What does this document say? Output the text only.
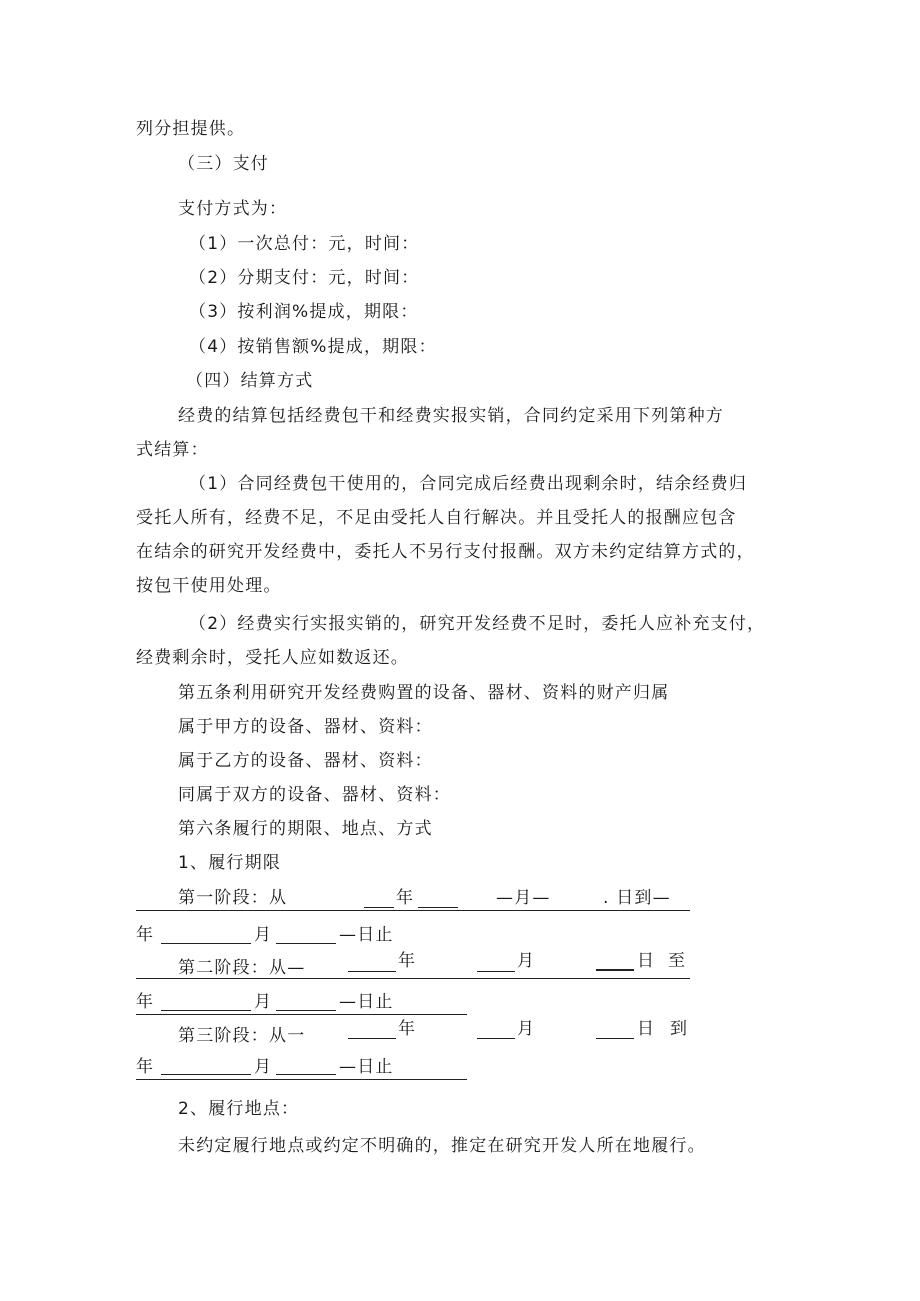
列分担提供。
（三）支付
支付方式为：
（1）一次总付：元，时间：
（2）分期支付：元，时间：
（3）按利润%提成，期限：
（4）按销售额%提成，期限：
（四）结算方式
经费的结算包括经费包干和经费实报实销，合同约定采用下列第种方
式结算：
（1）合同经费包干使用的，合同完成后经费出现剩余时，结余经费归
受托人所有，经费不足，不足由受托人自行解决。并且受托人的报酬应包含
在结余的研究开发经费中，委托人不另行支付报酬。双方未约定结算方式的，
按包干使用处理。
（2）经费实行实报实销的，研究开发经费不足时，委托人应补充支付，
经费剩余时，受托人应如数返还。
第五条利用研究开发经费购置的设备、器材、资料的财产归属
属于甲方的设备、器材、资料：
属于乙方的设备、器材、资料：
同属于双方的设备、器材、资料：
第六条履行的期限、地点、方式
1、履行期限
第一阶段：从	年	—月—	. 日到—
年	月	—日止
第二阶段：从—	年	月	日 至
年	月	—日止
第三阶段：从一	年	月	日 到
年	月	—日止
2、履行地点：
未约定履行地点或约定不明确的，推定在研究开发人所在地履行。
